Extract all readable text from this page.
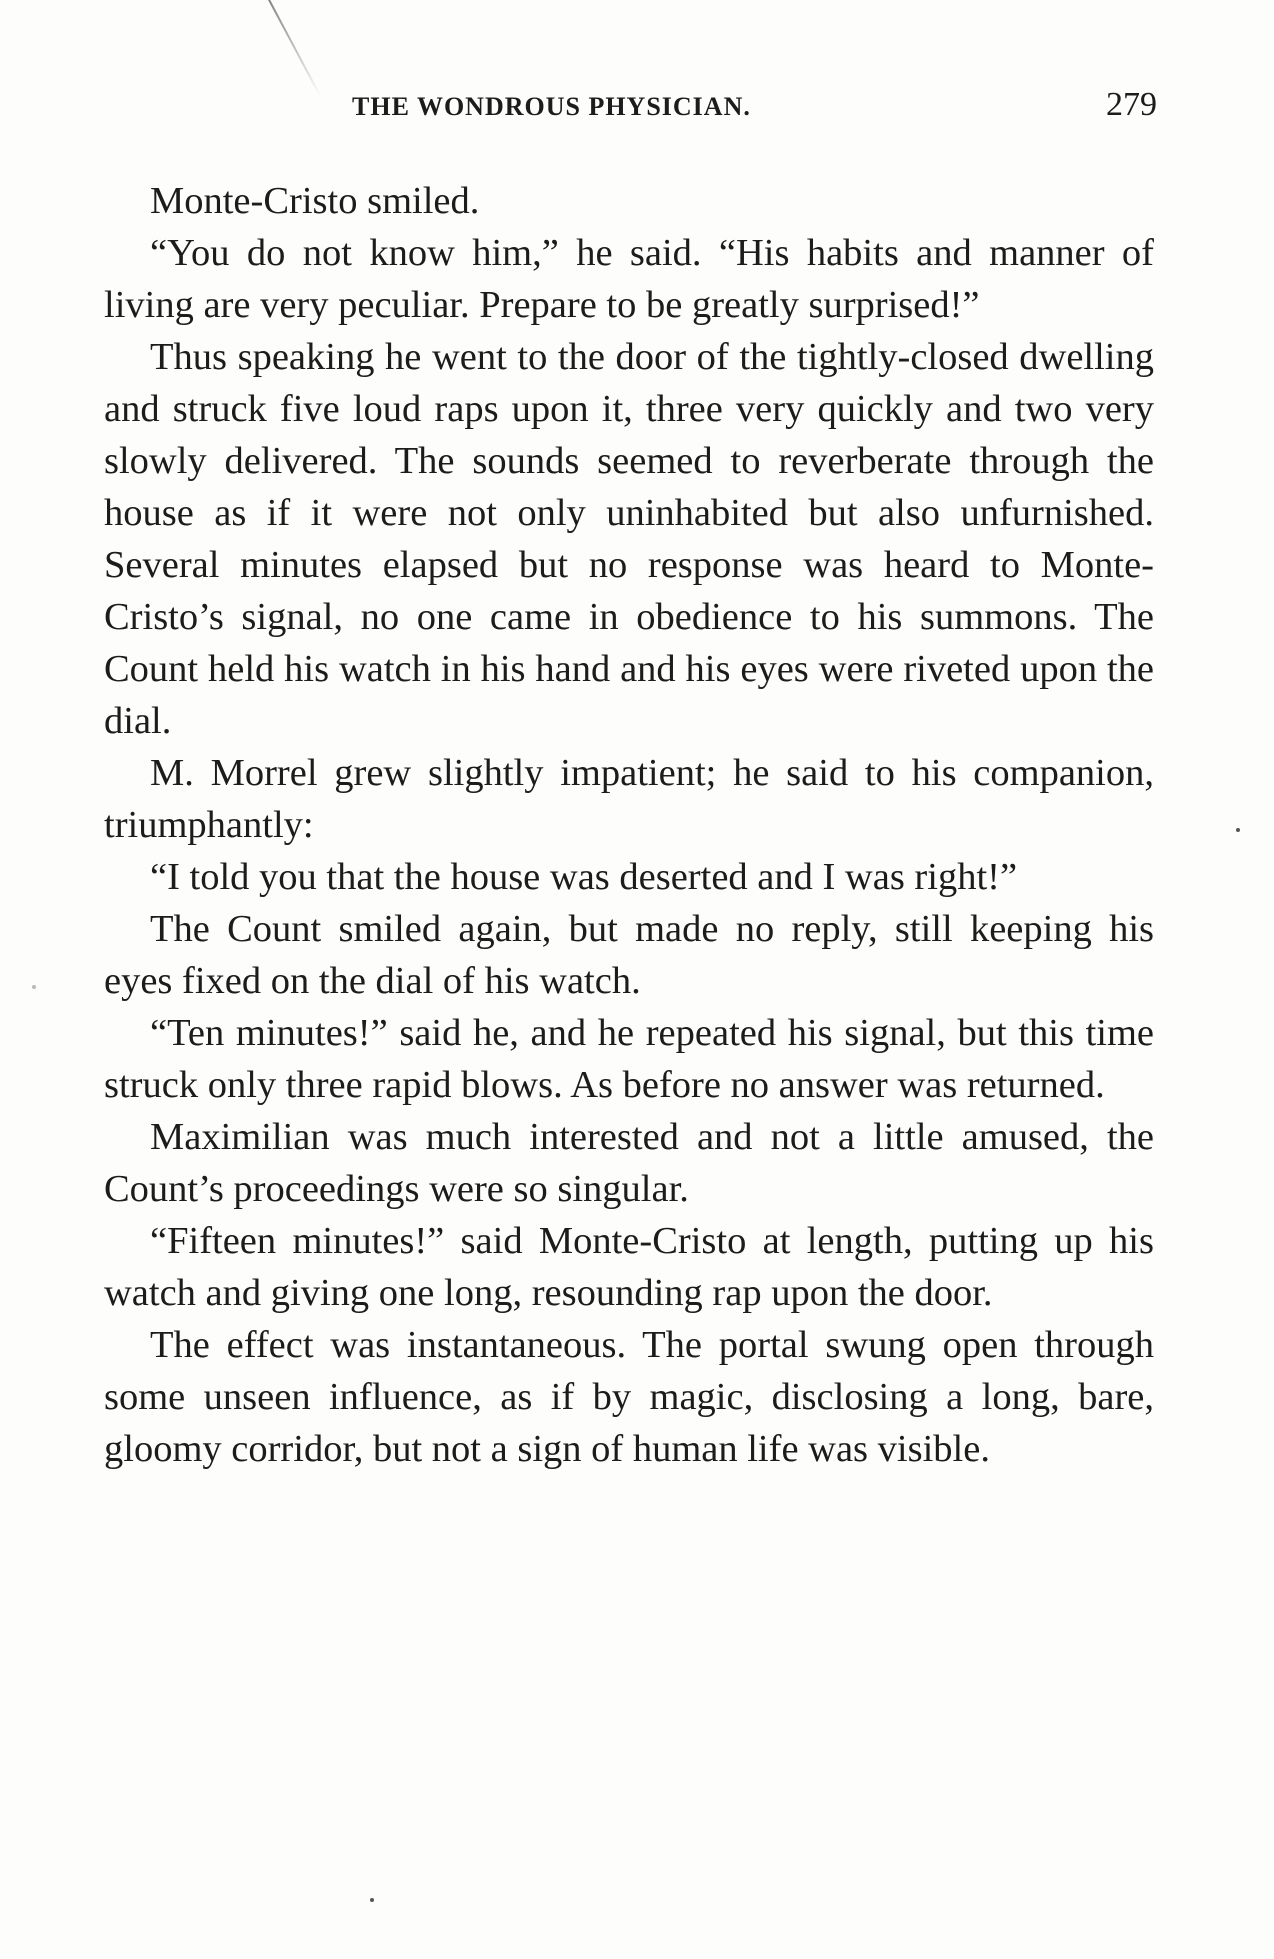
THE WONDROUS PHYSICIAN.	279

Monte-Cristo smiled.

“You do not know him,” he said. “His habits and manner of living are very peculiar. Prepare to be greatly surprised!”

Thus speaking he went to the door of the tightly-closed dwelling and struck five loud raps upon it, three very quickly and two very slowly delivered. The sounds seemed to reverberate through the house as if it were not only uninhabited but also unfurnished. Several minutes elapsed but no response was heard to Monte-Cristo’s signal, no one came in obedience to his summons. The Count held his watch in his hand and his eyes were riveted upon the dial.

M. Morrel grew slightly impatient; he said to his companion, triumphantly:

“I told you that the house was deserted and I was right!”

The Count smiled again, but made no reply, still keeping his eyes fixed on the dial of his watch.

“Ten minutes!” said he, and he repeated his signal, but this time struck only three rapid blows. As before no answer was returned.

Maximilian was much interested and not a little amused, the Count’s proceedings were so singular.

“Fifteen minutes!” said Monte-Cristo at length, putting up his watch and giving one long, resounding rap upon the door.

The effect was instantaneous. The portal swung open through some unseen influence, as if by magic, disclosing a long, bare, gloomy corridor, but not a sign of human life was visible.
